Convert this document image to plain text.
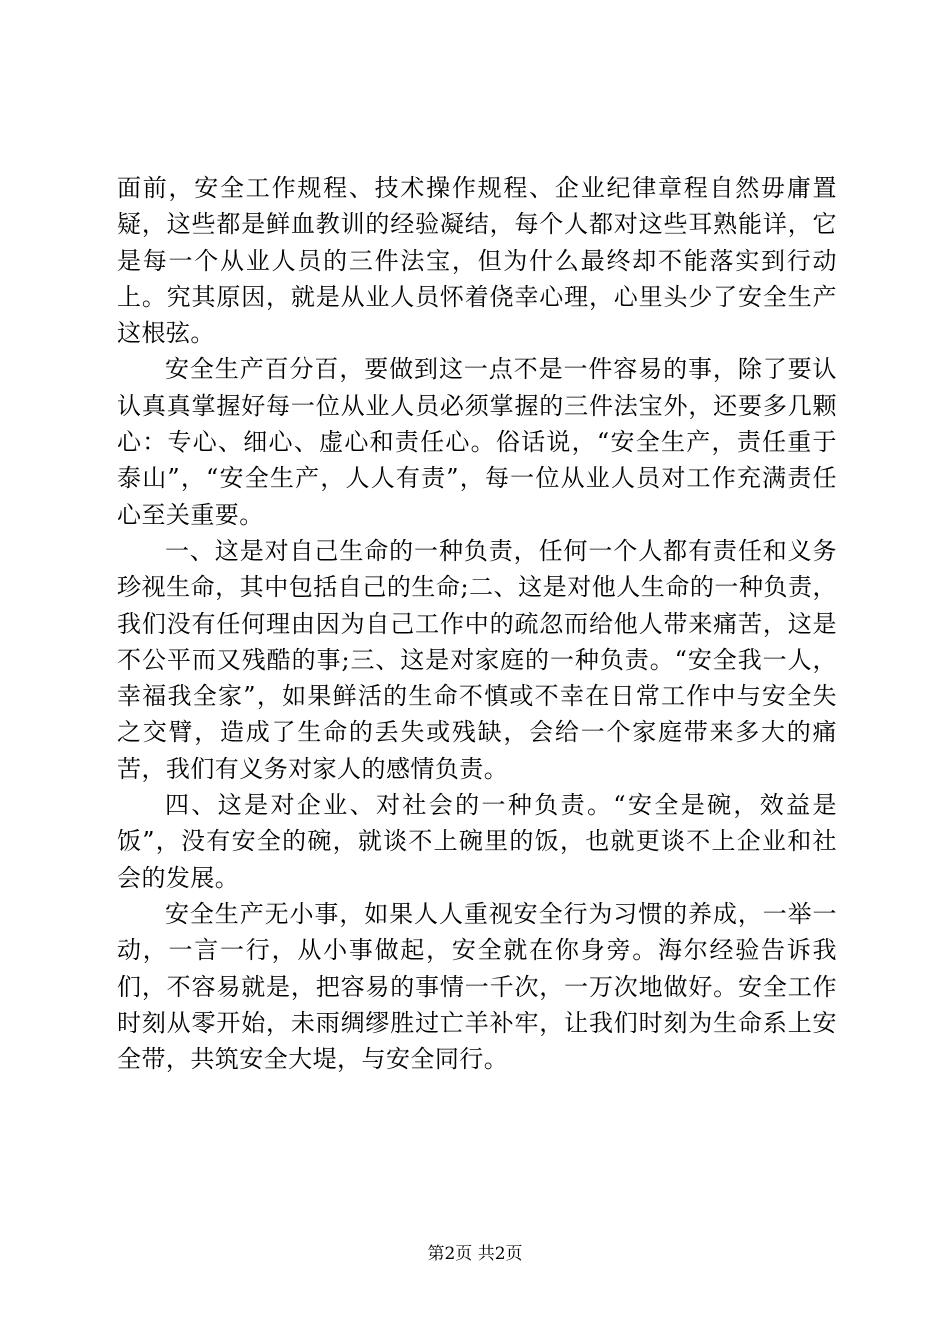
面前，安全工作规程、技术操作规程、企业纪律章程自然毋庸置疑，这些都是鲜血教训的经验凝结，每个人都对这些耳熟能详，它是每一个从业人员的三件法宝，但为什么最终却不能落实到行动上。究其原因，就是从业人员怀着侥幸心理，心里头少了安全生产这根弦。

安全生产百分百，要做到这一点不是一件容易的事，除了要认认真真掌握好每一位从业人员必须掌握的三件法宝外，还要多几颗心：专心、细心、虚心和责任心。俗话说，“安全生产，责任重于泰山”，“安全生产，人人有责”，每一位从业人员对工作充满责任心至关重要。

一、这是对自己生命的一种负责，任何一个人都有责任和义务珍视生命，其中包括自己的生命;二、这是对他人生命的一种负责，我们没有任何理由因为自己工作中的疏忽而给他人带来痛苦，这是不公平而又残酷的事;三、这是对家庭的一种负责。“安全我一人，幸福我全家”，如果鲜活的生命不慎或不幸在日常工作中与安全失之交臂，造成了生命的丢失或残缺，会给一个家庭带来多大的痛苦，我们有义务对家人的感情负责。

四、这是对企业、对社会的一种负责。“安全是碗，效益是饭”，没有安全的碗，就谈不上碗里的饭，也就更谈不上企业和社会的发展。

安全生产无小事，如果人人重视安全行为习惯的养成，一举一动，一言一行，从小事做起，安全就在你身旁。海尔经验告诉我们，不容易就是，把容易的事情一千次，一万次地做好。安全工作时刻从零开始，未雨绸缪胜过亡羊补牢，让我们时刻为生命系上安全带，共筑安全大堤，与安全同行。

第2页 共2页
